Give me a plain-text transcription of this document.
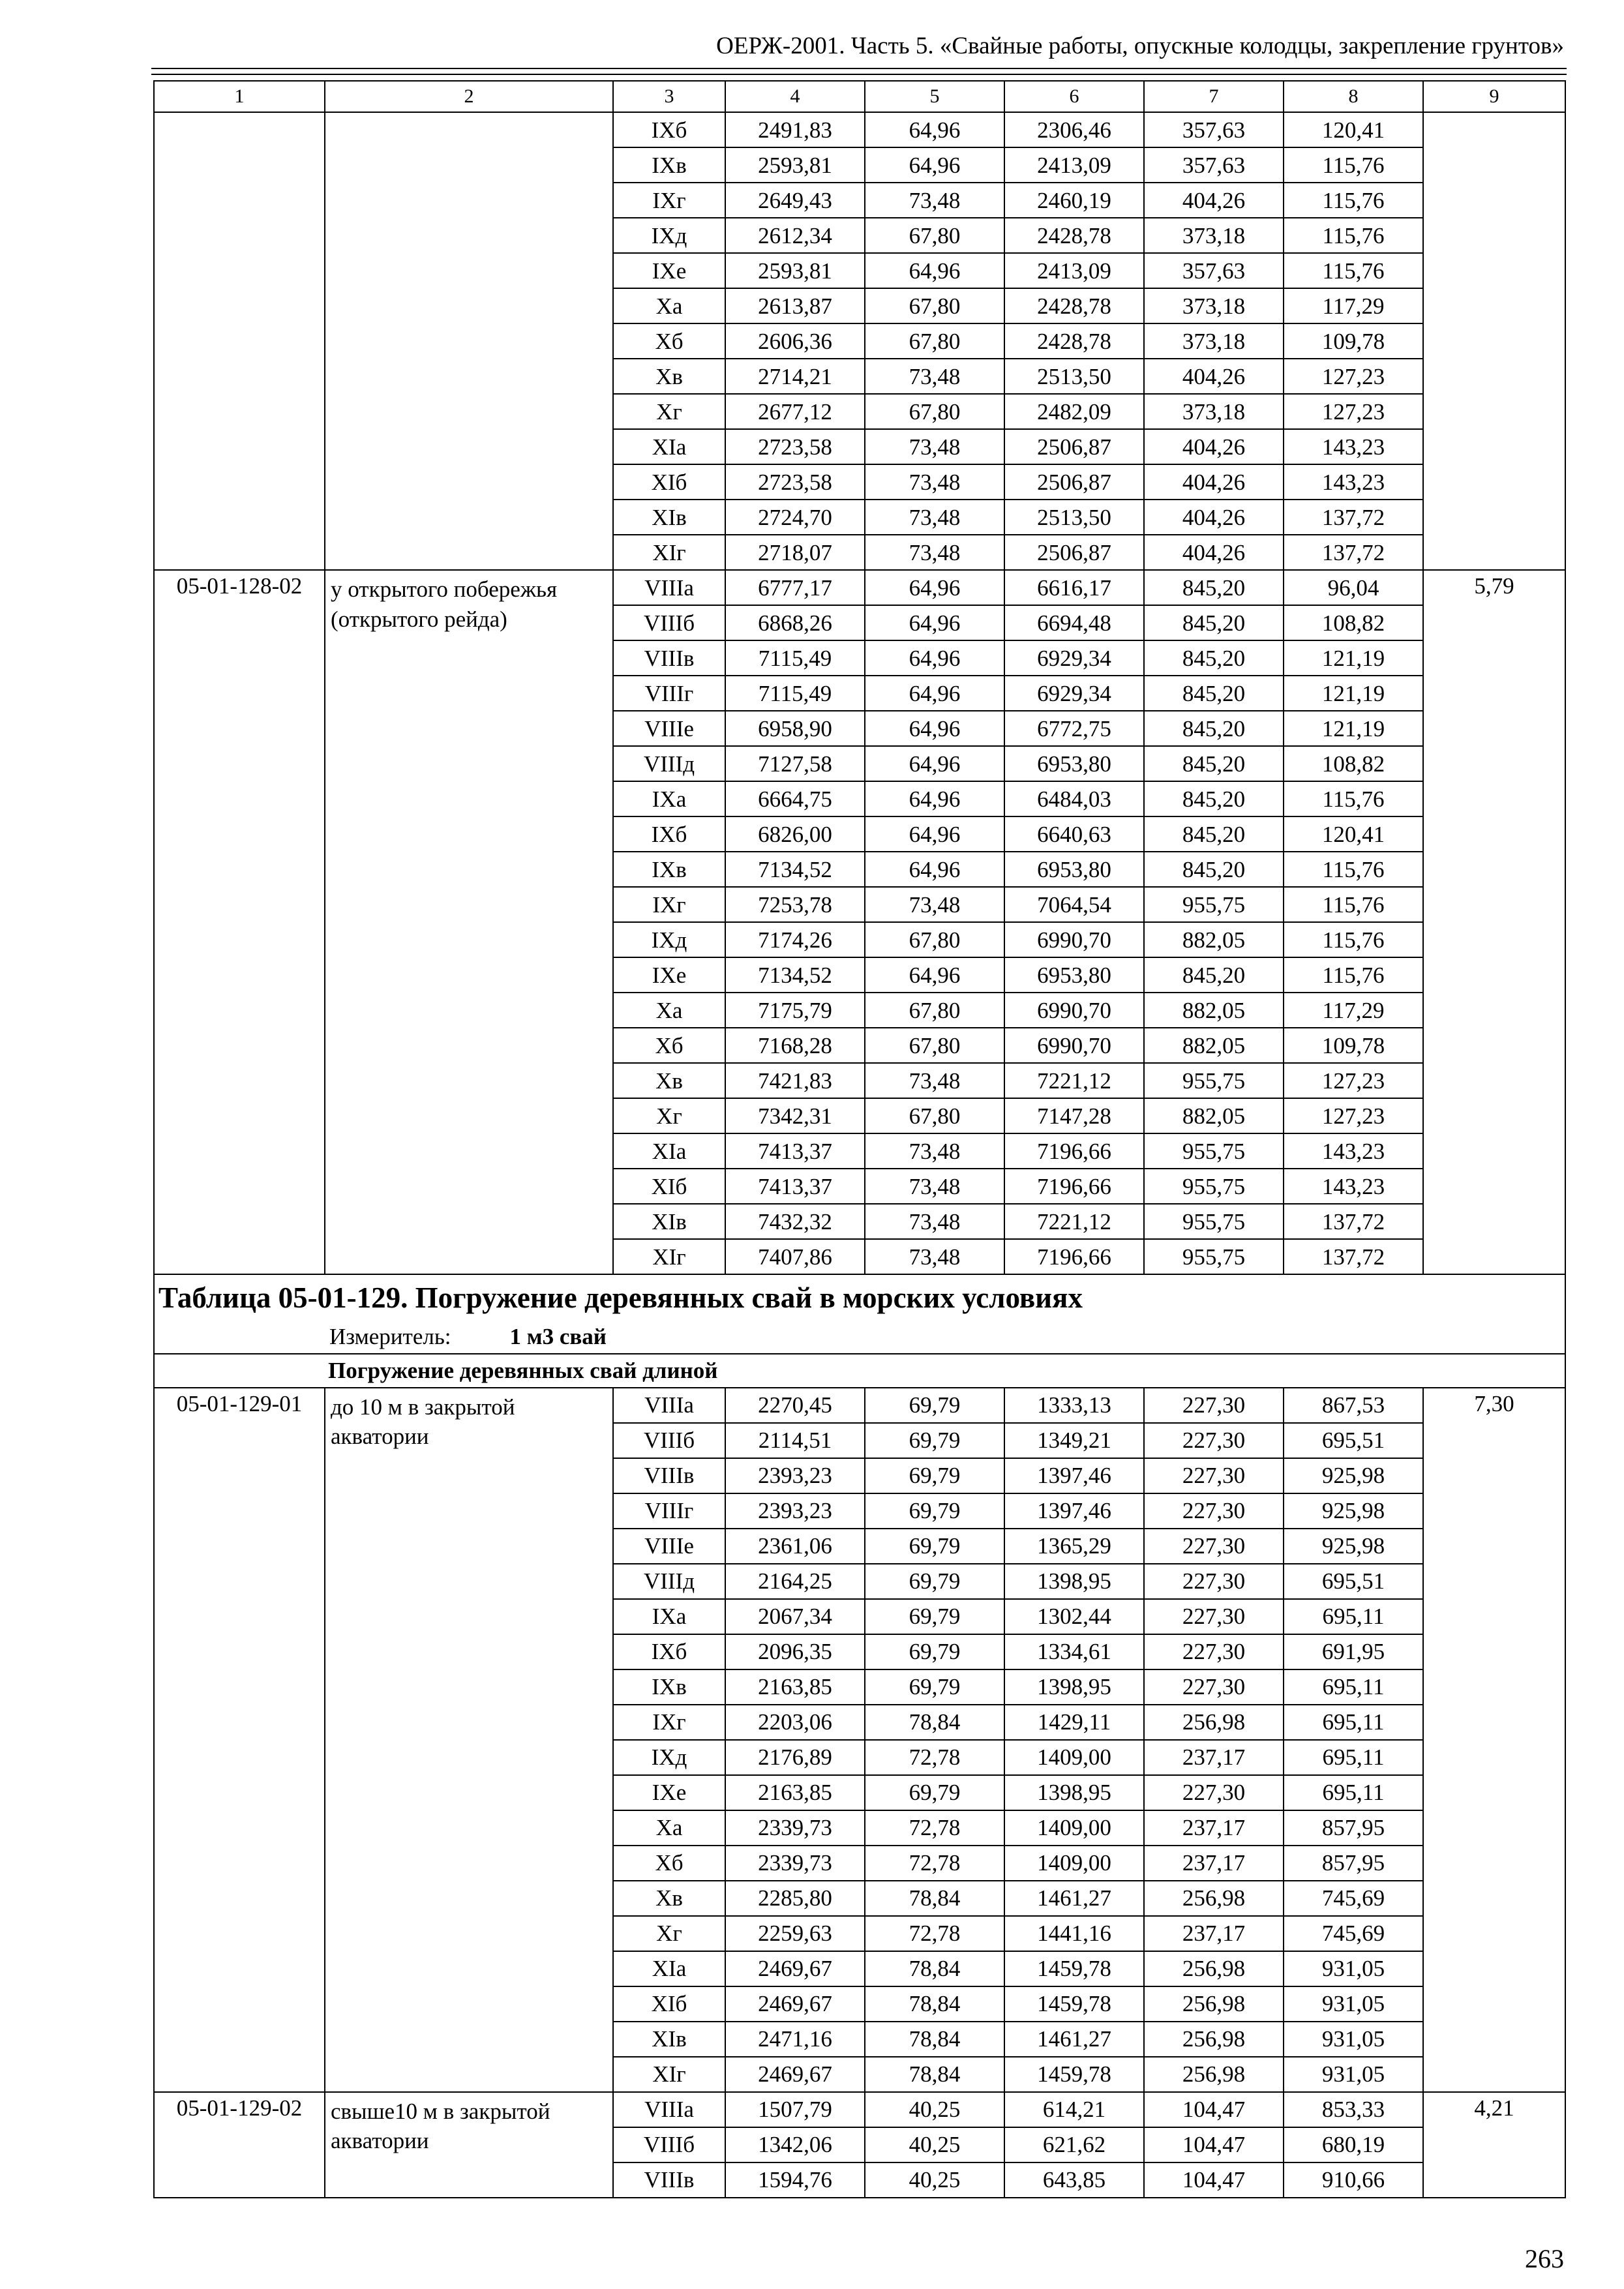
ОЕРЖ-2001. Часть 5. «Свайные работы, опускные колодцы, закрепление грунтов»
1	2	3	4	5	6	7	8	9
		IXб	2491,83	64,96	2306,46	357,63	120,41	
		IXв	2593,81	64,96	2413,09	357,63	115,76	
		IXг	2649,43	73,48	2460,19	404,26	115,76	
		IXд	2612,34	67,80	2428,78	373,18	115,76	
		IXе	2593,81	64,96	2413,09	357,63	115,76	
		Xа	2613,87	67,80	2428,78	373,18	117,29	
		Xб	2606,36	67,80	2428,78	373,18	109,78	
		Xв	2714,21	73,48	2513,50	404,26	127,23	
		Xг	2677,12	67,80	2482,09	373,18	127,23	
		XIа	2723,58	73,48	2506,87	404,26	143,23	
		XIб	2723,58	73,48	2506,87	404,26	143,23	
		XIв	2724,70	73,48	2513,50	404,26	137,72	
		XIг	2718,07	73,48	2506,87	404,26	137,72	
05-01-128-02	у открытого побережья (открытого рейда)	VIIIа	6777,17	64,96	6616,17	845,20	96,04	5,79
		VIIIб	6868,26	64,96	6694,48	845,20	108,82	
		VIIIв	7115,49	64,96	6929,34	845,20	121,19	
		VIIIг	7115,49	64,96	6929,34	845,20	121,19	
		VIIIе	6958,90	64,96	6772,75	845,20	121,19	
		VIIIд	7127,58	64,96	6953,80	845,20	108,82	
		IXа	6664,75	64,96	6484,03	845,20	115,76	
		IXб	6826,00	64,96	6640,63	845,20	120,41	
		IXв	7134,52	64,96	6953,80	845,20	115,76	
		IXг	7253,78	73,48	7064,54	955,75	115,76	
		IXд	7174,26	67,80	6990,70	882,05	115,76	
		IXе	7134,52	64,96	6953,80	845,20	115,76	
		Xа	7175,79	67,80	6990,70	882,05	117,29	
		Xб	7168,28	67,80	6990,70	882,05	109,78	
		Xв	7421,83	73,48	7221,12	955,75	127,23	
		Xг	7342,31	67,80	7147,28	882,05	127,23	
		XIа	7413,37	73,48	7196,66	955,75	143,23	
		XIб	7413,37	73,48	7196,66	955,75	143,23	
		XIв	7432,32	73,48	7221,12	955,75	137,72	
		XIг	7407,86	73,48	7196,66	955,75	137,72	

Таблица 05-01-129. Погружение деревянных свай в морских условиях
Измеритель: 1 м3 свай								

Погружение деревянных свай длиной								
05-01-129-01	до 10 м в закрытой акватории	VIIIа	2270,45	69,79	1333,13	227,30	867,53	7,30
		VIIIб	2114,51	69,79	1349,21	227,30	695,51	
		VIIIв	2393,23	69,79	1397,46	227,30	925,98	
		VIIIг	2393,23	69,79	1397,46	227,30	925,98	
		VIIIе	2361,06	69,79	1365,29	227,30	925,98	
		VIIIд	2164,25	69,79	1398,95	227,30	695,51	
		IXа	2067,34	69,79	1302,44	227,30	695,11	
		IXб	2096,35	69,79	1334,61	227,30	691,95	
		IXв	2163,85	69,79	1398,95	227,30	695,11	
		IXг	2203,06	78,84	1429,11	256,98	695,11	
		IXд	2176,89	72,78	1409,00	237,17	695,11	
		IXе	2163,85	69,79	1398,95	227,30	695,11	
		Xа	2339,73	72,78	1409,00	237,17	857,95	
		Xб	2339,73	72,78	1409,00	237,17	857,95	
		Xв	2285,80	78,84	1461,27	256,98	745,69	
		Xг	2259,63	72,78	1441,16	237,17	745,69	
		XIа	2469,67	78,84	1459,78	256,98	931,05	
		XIб	2469,67	78,84	1459,78	256,98	931,05	
		XIв	2471,16	78,84	1461,27	256,98	931,05	
		XIг	2469,67	78,84	1459,78	256,98	931,05	
05-01-129-02	свыше10 м в закрытой акватории	VIIIа	1507,79	40,25	614,21	104,47	853,33	4,21
		VIIIб	1342,06	40,25	621,62	104,47	680,19	
		VIIIв	1594,76	40,25	643,85	104,47	910,66	
263
